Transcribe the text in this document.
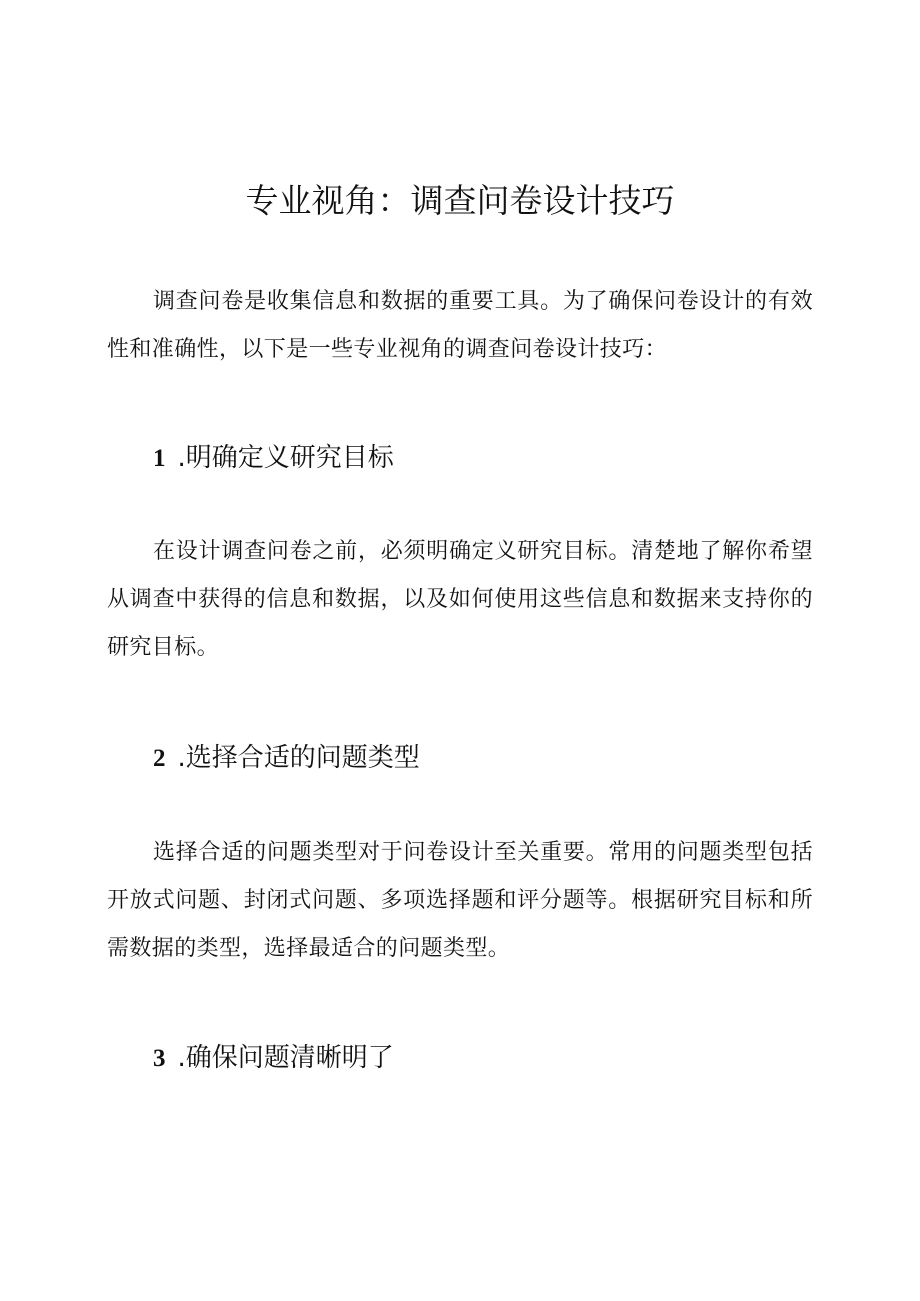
专业视角：调查问卷设计技巧

调查问卷是收集信息和数据的重要工具。为了确保问卷设计的有效性和准确性，以下是一些专业视角的调查问卷设计技巧：

1 .明确定义研究目标

在设计调查问卷之前，必须明确定义研究目标。清楚地了解你希望从调查中获得的信息和数据，以及如何使用这些信息和数据来支持你的研究目标。

2 .选择合适的问题类型

选择合适的问题类型对于问卷设计至关重要。常用的问题类型包括开放式问题、封闭式问题、多项选择题和评分题等。根据研究目标和所需数据的类型，选择最适合的问题类型。

3 .确保问题清晰明了
